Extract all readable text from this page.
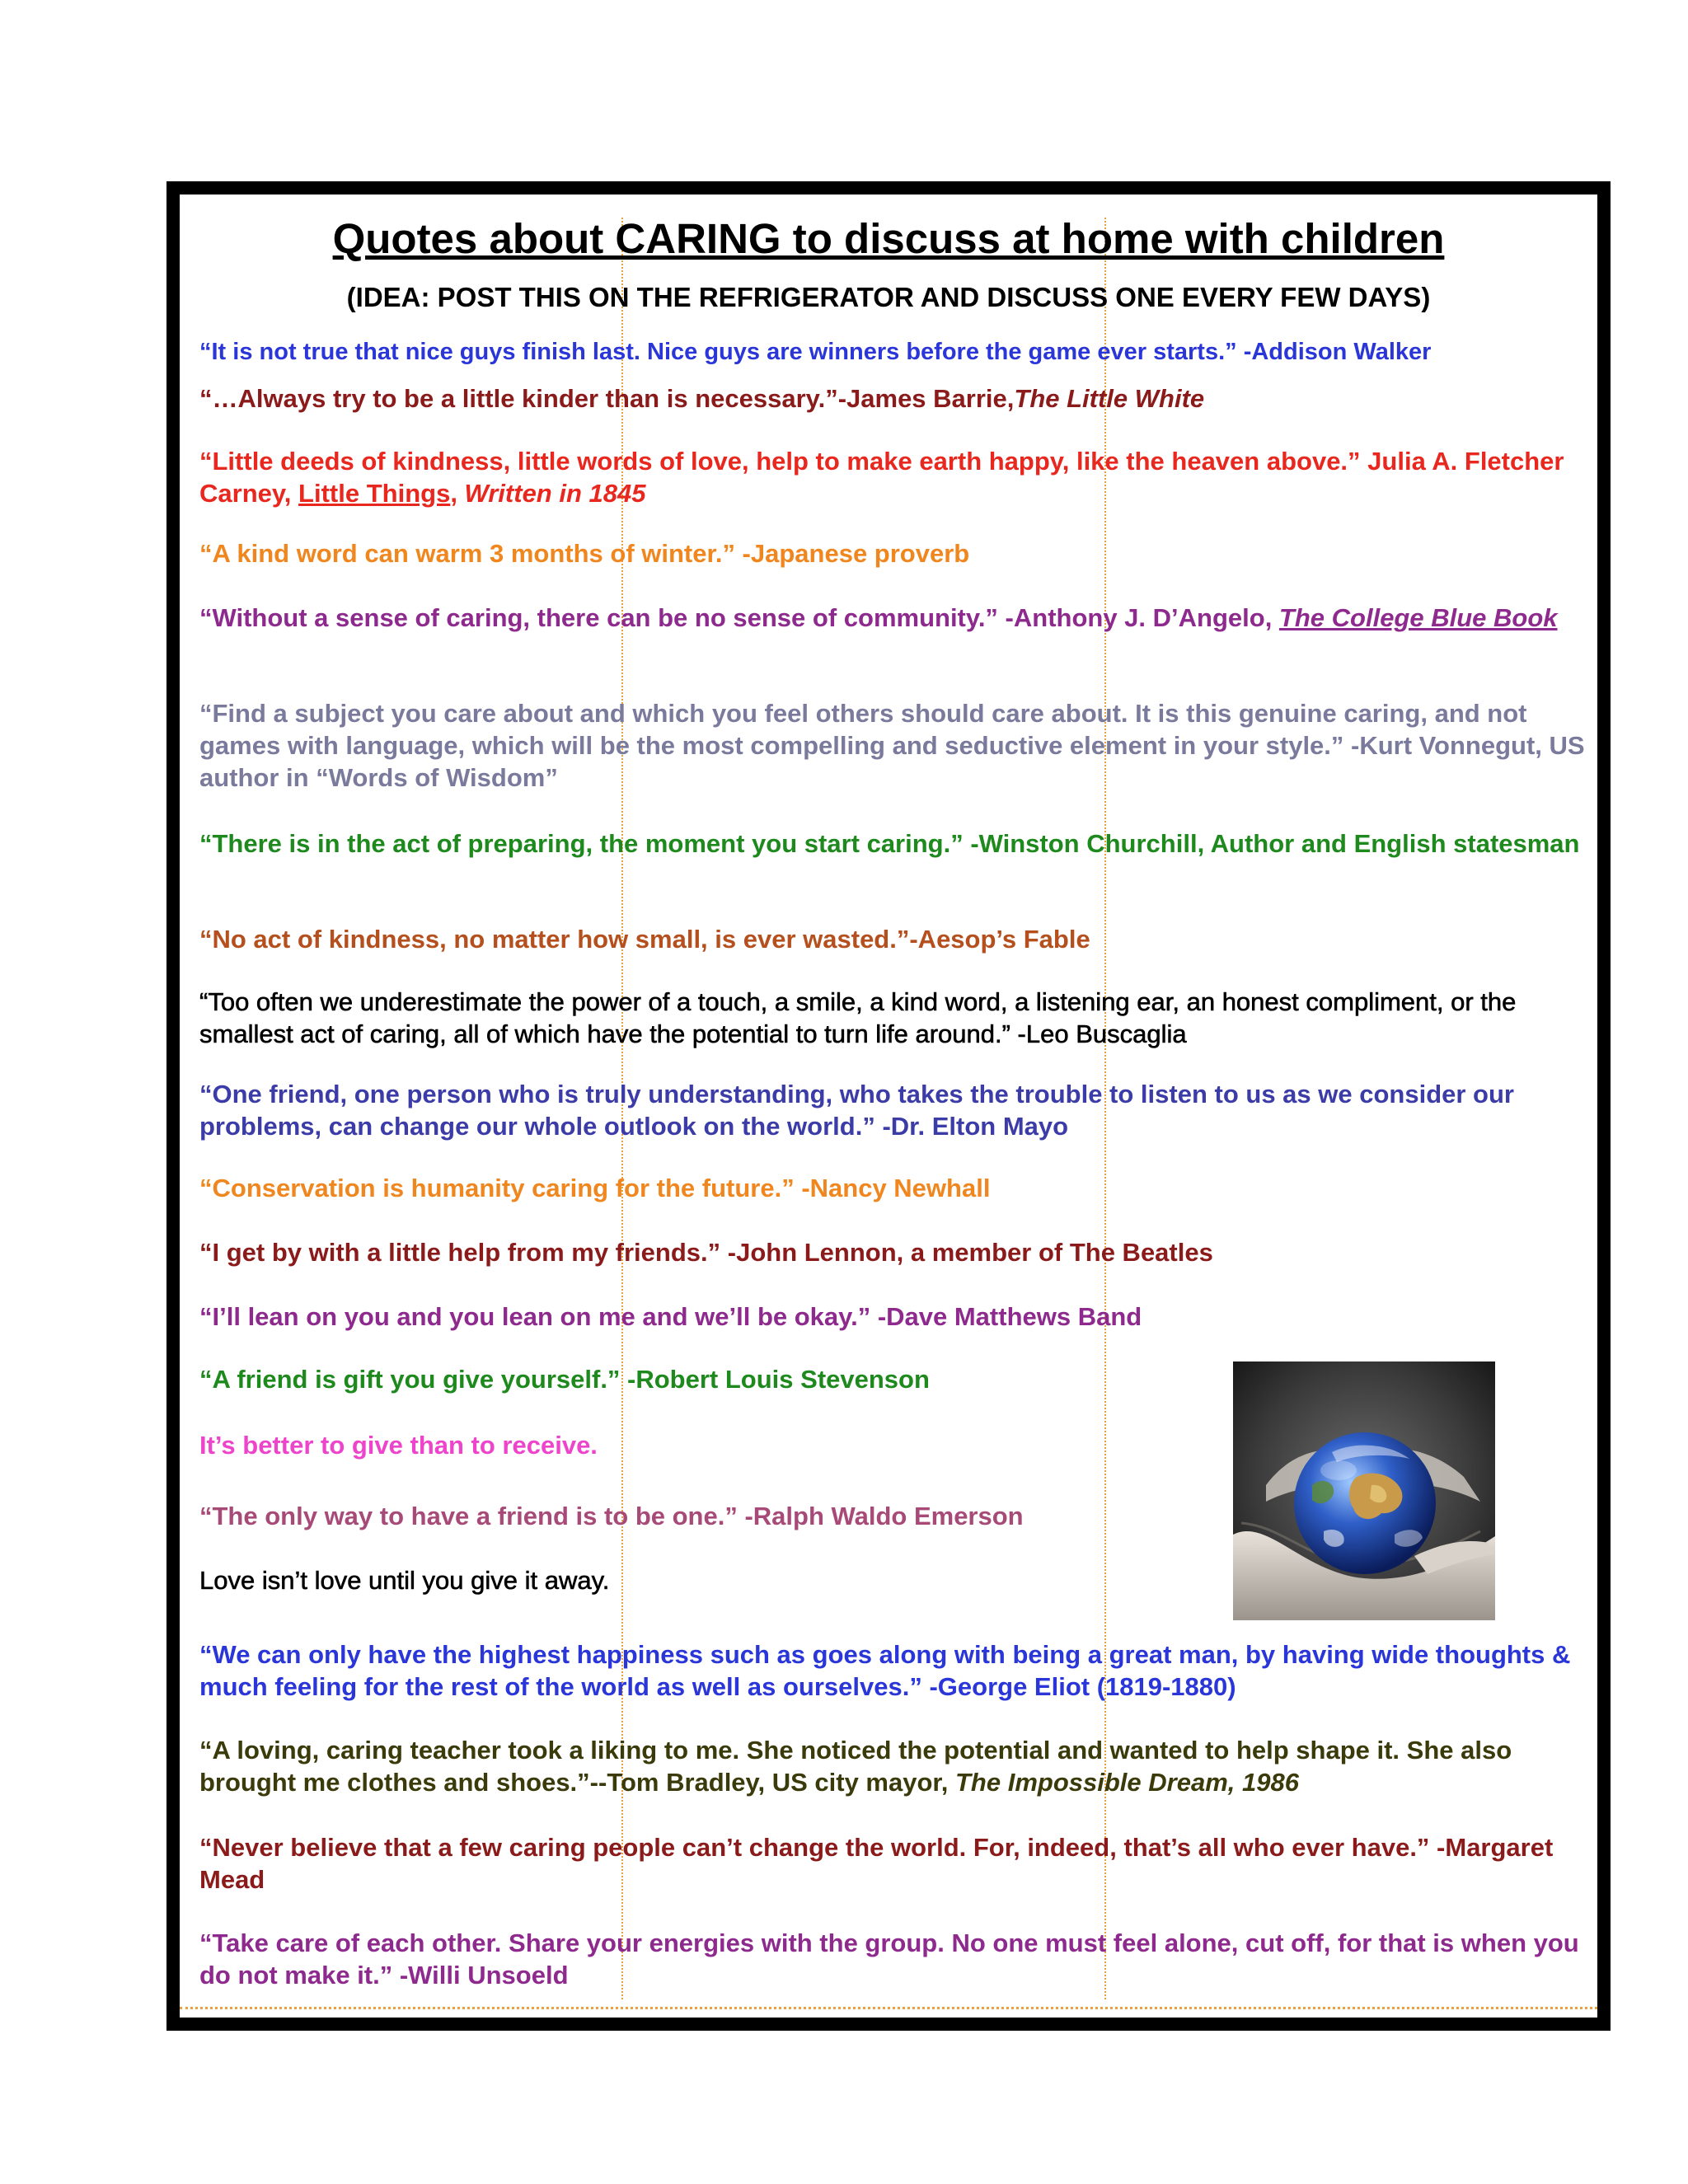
Quotes about CARING to discuss at home with children
(IDEA: POST THIS ON THE REFRIGERATOR AND DISCUSS ONE EVERY FEW DAYS)

“It is not true that nice guys finish last. Nice guys are winners before the game ever starts.” -Addison Walker

“…Always try to be a little kinder than is necessary.”-James Barrie,The Little White

“Little deeds of kindness, little words of love, help to make earth happy, like the heaven above.” Julia A. Fletcher Carney, Little Things, Written in 1845

“A kind word can warm 3 months of winter.” -Japanese proverb

“Without a sense of caring, there can be no sense of community.” -Anthony J. D’Angelo, The College Blue Book

“Find a subject you care about and which you feel others should care about. It is this genuine caring, and not games with language, which will be the most compelling and seductive element in your style.” -Kurt Vonnegut, US author in “Words of Wisdom”

“There is in the act of preparing, the moment you start caring.” -Winston Churchill, Author and English statesman

“No act of kindness, no matter how small, is ever wasted.”-Aesop’s Fable

“Too often we underestimate the power of a touch, a smile, a kind word, a listening ear, an honest compliment, or the smallest act of caring, all of which have the potential to turn life around.” -Leo Buscaglia

“One friend, one person who is truly understanding, who takes the trouble to listen to us as we consider our problems, can change our whole outlook on the world.” -Dr. Elton Mayo

“Conservation is humanity caring for the future.” -Nancy Newhall

“I get by with a little help from my friends.” -John Lennon, a member of The Beatles

“I’ll lean on you and you lean on me and we’ll be okay.” -Dave Matthews Band

“A friend is gift you give yourself.” -Robert Louis Stevenson

It’s better to give than to receive.

“The only way to have a friend is to be one.” -Ralph Waldo Emerson

Love isn’t love until you give it away.

“We can only have the highest happiness such as goes along with being a great man, by having wide thoughts & much feeling for the rest of the world as well as ourselves.” -George Eliot (1819-1880)

“A loving, caring teacher took a liking to me. She noticed the potential and wanted to help shape it. She also brought me clothes and shoes.”--Tom Bradley, US city mayor, The Impossible Dream, 1986

“Never believe that a few caring people can’t change the world. For, indeed, that’s all who ever have.” -Margaret Mead

“Take care of each other. Share your energies with the group. No one must feel alone, cut off, for that is when you do not make it.” -Willi Unsoeld
